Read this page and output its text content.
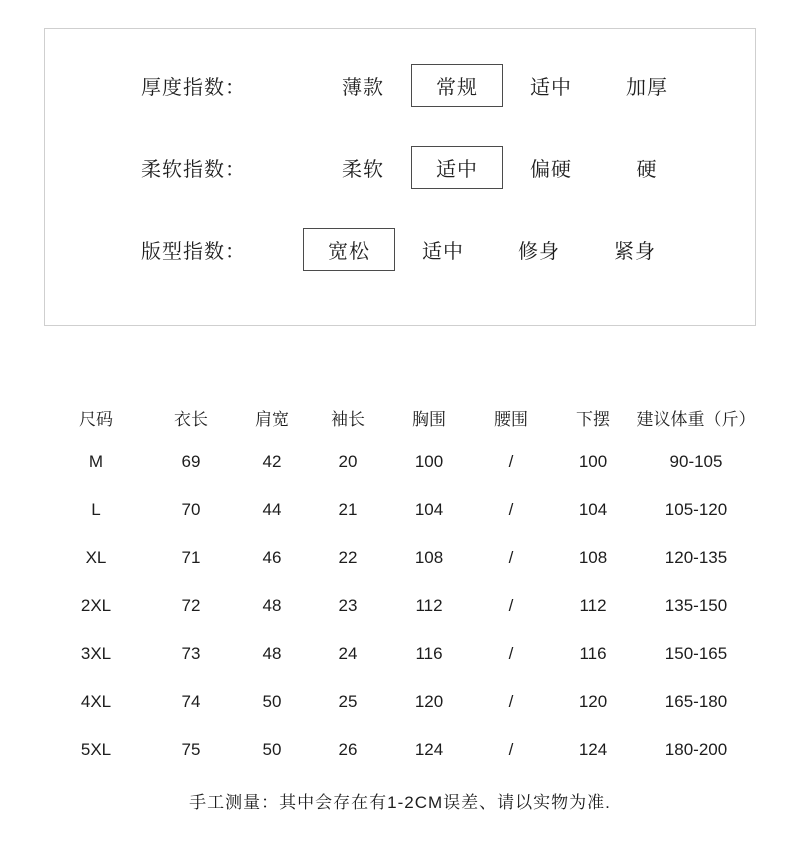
厚度指数：	薄款	常规	适中	加厚
柔软指数：	柔软	适中	偏硬	硬
版型指数：	宽松	适中	修身	紧身
尺码	衣长	肩宽	袖长	胸围	腰围	下摆	建议体重（斤）
M	69	42	20	100	/	100	90-105
L	70	44	21	104	/	104	105-120
XL	71	46	22	108	/	108	120-135
2XL	72	48	23	112	/	112	135-150
3XL	73	48	24	116	/	116	150-165
4XL	74	50	25	120	/	120	165-180
5XL	75	50	26	124	/	124	180-200
手工测量：其中会存在有1-2CM误差、请以实物为准.
